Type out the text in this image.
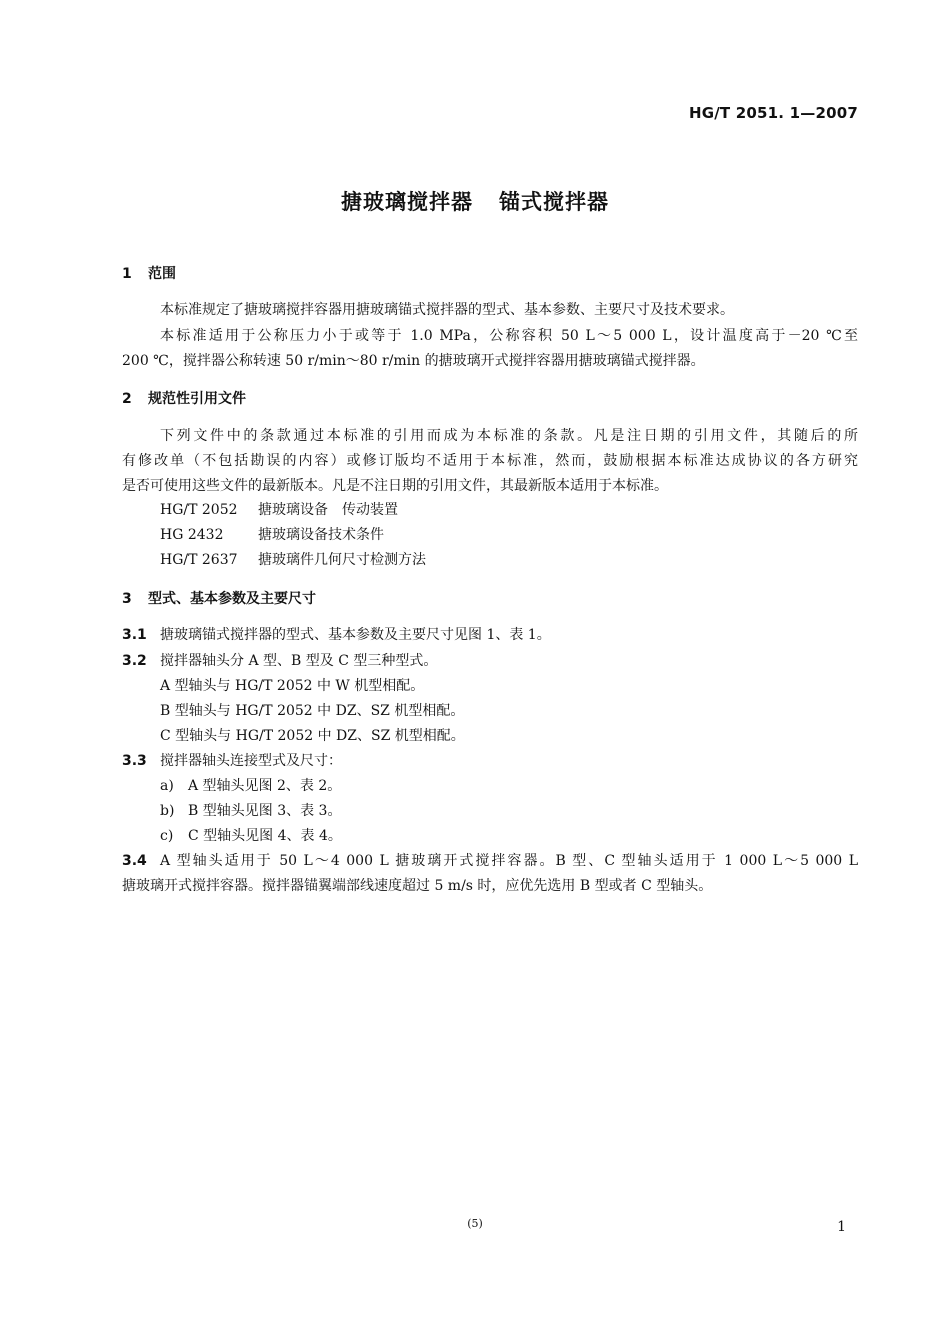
HG/T 2051. 1—2007
搪玻璃搅拌器 锚式搅拌器
1 范围
本标准规定了搪玻璃搅拌容器用搪玻璃锚式搅拌器的型式、基本参数、主要尺寸及技术要求。
本标准适用于公称压力小于或等于 1.0 MPa，公称容积 50 L～5 000 L，设计温度高于－20 ℃至
200 ℃，搅拌器公称转速 50 r/min～80 r/min 的搪玻璃开式搅拌容器用搪玻璃锚式搅拌器。
2 规范性引用文件
下列文件中的条款通过本标准的引用而成为本标准的条款。凡是注日期的引用文件，其随后的所
有修改单（不包括勘误的内容）或修订版均不适用于本标准，然而，鼓励根据本标准达成协议的各方研究
是否可使用这些文件的最新版本。凡是不注日期的引用文件，其最新版本适用于本标准。
HG/T 2052 搪玻璃设备　传动装置
HG 2432 搪玻璃设备技术条件
HG/T 2637 搪玻璃件几何尺寸检测方法
3 型式、基本参数及主要尺寸
3.1 搪玻璃锚式搅拌器的型式、基本参数及主要尺寸见图 1、表 1。
3.2 搅拌器轴头分 A 型、B 型及 C 型三种型式。
A 型轴头与 HG/T 2052 中 W 机型相配。
B 型轴头与 HG/T 2052 中 DZ、SZ 机型相配。
C 型轴头与 HG/T 2052 中 DZ、SZ 机型相配。
3.3 搅拌器轴头连接型式及尺寸：
a) A 型轴头见图 2、表 2。
b) B 型轴头见图 3、表 3。
c) C 型轴头见图 4、表 4。
3.4 A 型轴头适用于 50 L～4 000 L 搪玻璃开式搅拌容器。B 型、C 型轴头适用于 1 000 L～5 000 L
搪玻璃开式搅拌容器。搅拌器锚翼端部线速度超过 5 m/s 时，应优先选用 B 型或者 C 型轴头。
(5)	1
